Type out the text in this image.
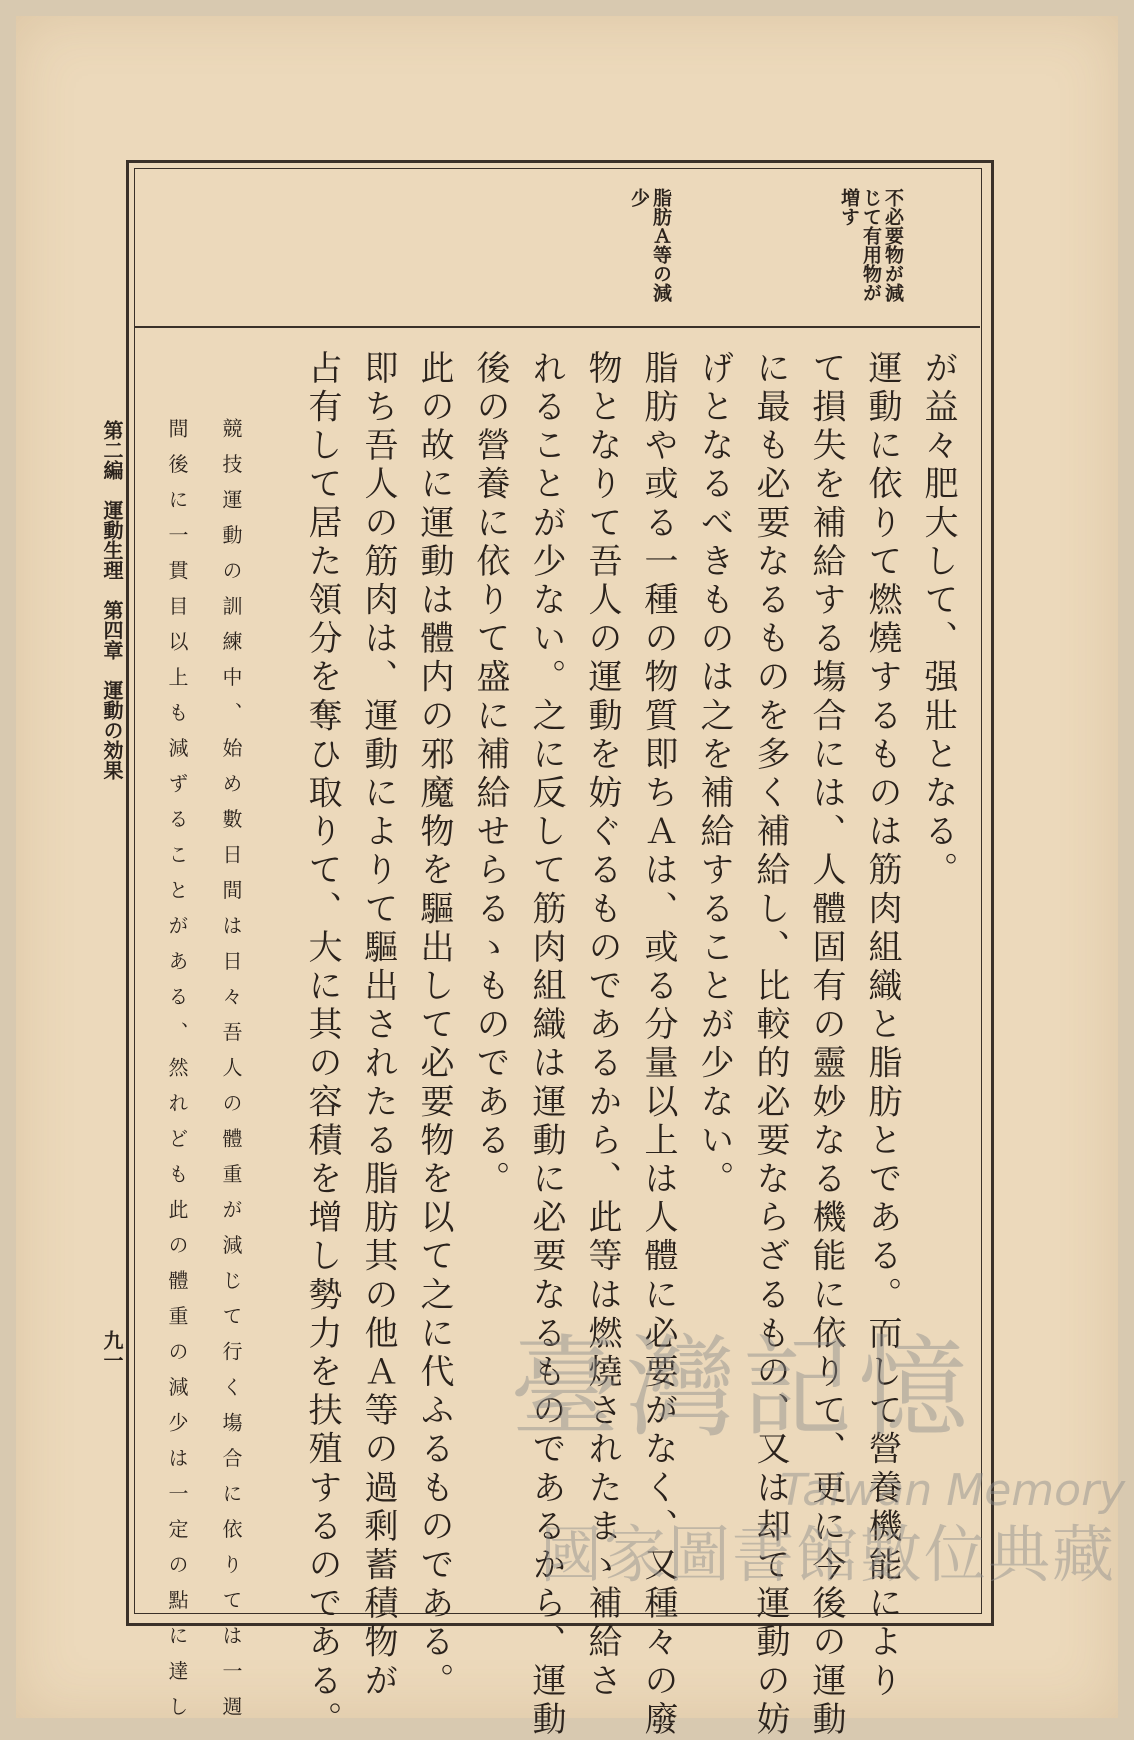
不必要物が減
じて有用物が
増す
脂肪Ａ等の減
少
が益々肥大して、强壯となる。
運動に依りて燃燒するものは筋肉組織と脂肪とである。而して營養機能により
て損失を補給する塲合には、人體固有の靈妙なる機能に依りて、更に今後の運動
に最も必要なるものを多く補給し、比較的必要ならざるもの、又は却て運動の妨
げとなるべきものは之を補給することが少ない。
脂肪や或る一種の物質即ちＡは、或る分量以上は人體に必要がなく、又種々の廢
物となりて吾人の運動を妨ぐるものであるから、此等は燃燒されたまゝ補給さ
れることが少ない。之に反して筋肉組織は運動に必要なるものであるから、運動
後の營養に依りて盛に補給せらるゝものである。
此の故に運動は體内の邪魔物を驅出して必要物を以て之に代ふるものである。
即ち吾人の筋肉は、運動によりて驅出されたる脂肪其の他Ａ等の過剩蓄積物が
占有して居た領分を奪ひ取りて、大に其の容積を增し勢力を扶殖するのである。
競技運動の訓練中、始め數日間は日々吾人の體重が減じて行く塲合に依りては一週
間後に一貫目以上も減ずることがある、然れども此の體重の減少は一定の點に達し
第二編　運動生理　第四章　運動の効果
九一	臺灣記憶
Taiwan Memory
國家圖書館數位典藏
